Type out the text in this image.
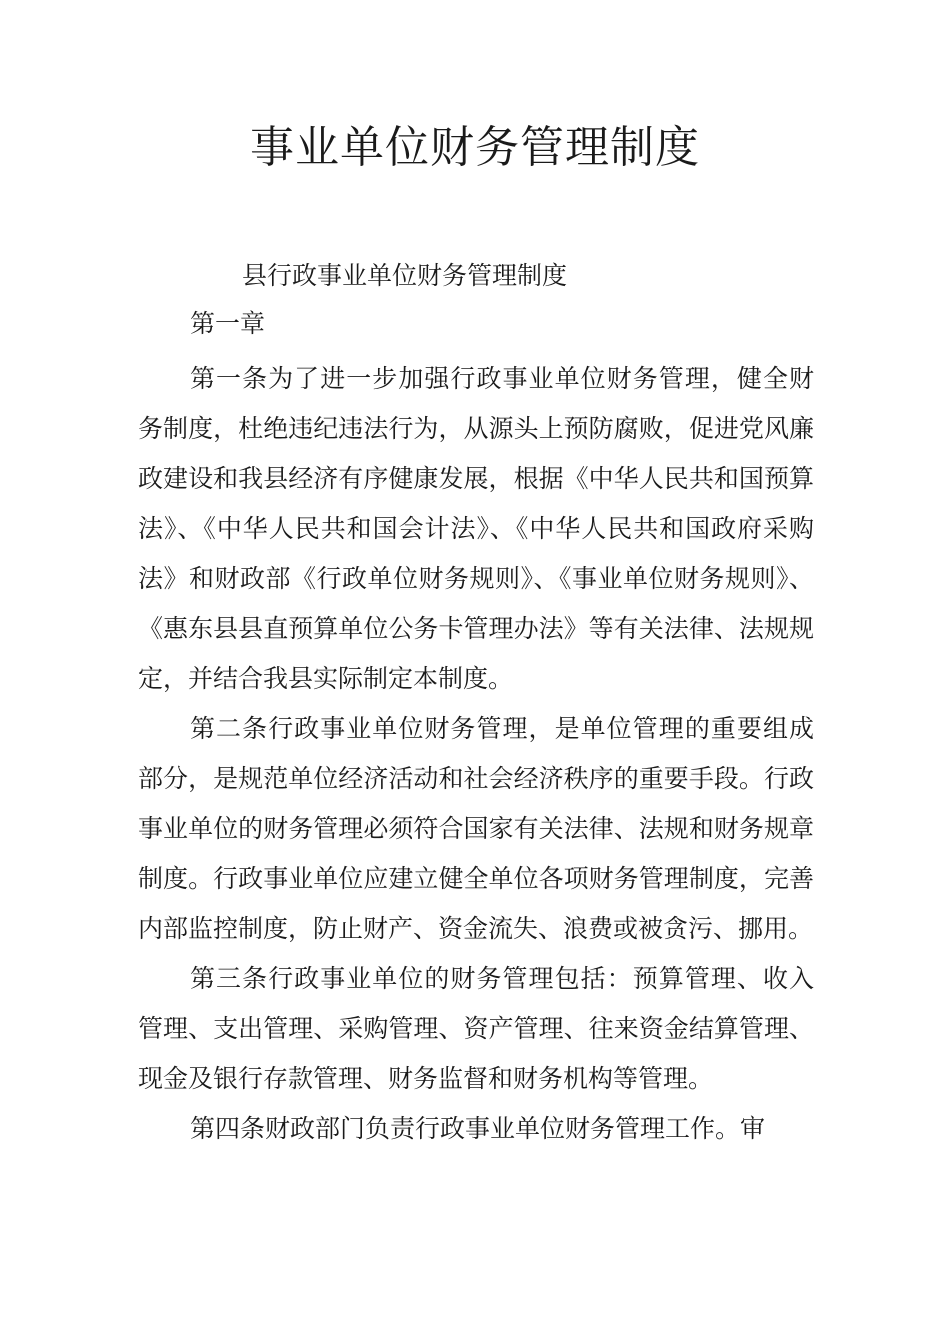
事业单位财务管理制度

县行政事业单位财务管理制度

第一章

第一条为了进一步加强行政事业单位财务管理，健全财务制度，杜绝违纪违法行为，从源头上预防腐败，促进党风廉政建设和我县经济有序健康发展，根据《中华人民共和国预算法》、《中华人民共和国会计法》、《中华人民共和国政府采购法》和财政部《行政单位财务规则》、《事业单位财务规则》、《惠东县县直预算单位公务卡管理办法》等有关法律、法规规定，并结合我县实际制定本制度。

第二条行政事业单位财务管理，是单位管理的重要组成部分，是规范单位经济活动和社会经济秩序的重要手段。行政事业单位的财务管理必须符合国家有关法律、法规和财务规章制度。行政事业单位应建立健全单位各项财务管理制度，完善内部监控制度，防止财产、资金流失、浪费或被贪污、挪用。

第三条行政事业单位的财务管理包括：预算管理、收入管理、支出管理、采购管理、资产管理、往来资金结算管理、现金及银行存款管理、财务监督和财务机构等管理。

第四条财政部门负责行政事业单位财务管理工作。审
